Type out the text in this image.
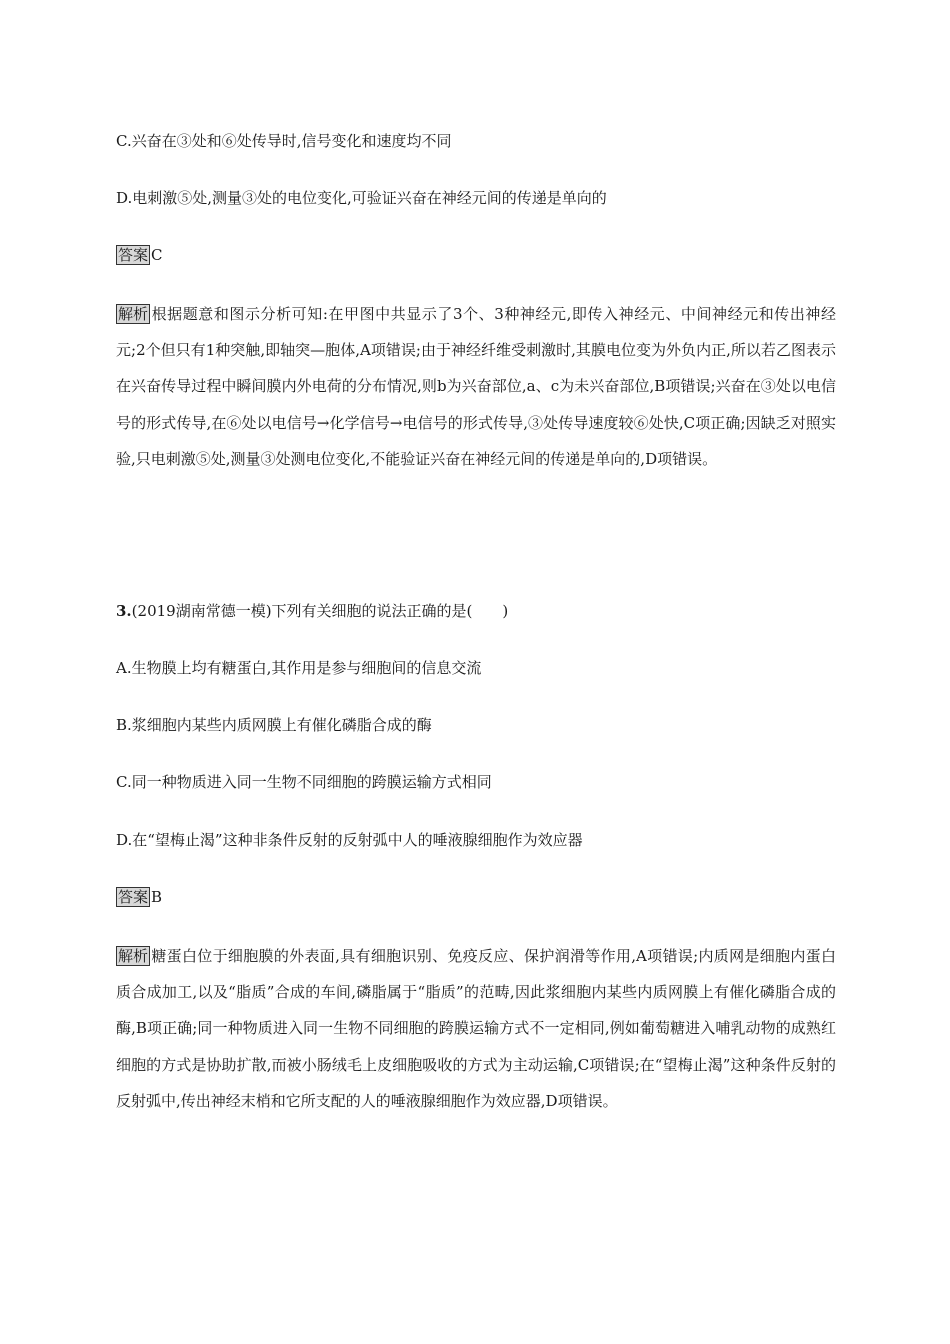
C.兴奋在③处和⑥处传导时,信号变化和速度均不同
D.电刺激⑤处,测量③处的电位变化,可验证兴奋在神经元间的传递是单向的
答案 C
解析 根据题意和图示分析可知:在甲图中共显示了3个、3种神经元,即传入神经元、中间神经元和传出神经元;2个但只有1种突触,即轴突—胞体,A项错误;由于神经纤维受刺激时,其膜电位变为外负内正,所以若乙图表示在兴奋传导过程中瞬间膜内外电荷的分布情况,则b为兴奋部位,a、c为未兴奋部位,B项错误;兴奋在③处以电信号的形式传导,在⑥处以电信号→化学信号→电信号的形式传导,③处传导速度较⑥处快,C项正确;因缺乏对照实验,只电刺激⑤处,测量③处测电位变化,不能验证兴奋在神经元间的传递是单向的,D项错误。
3.(2019湖南常德一模)下列有关细胞的说法正确的是(　　)
A.生物膜上均有糖蛋白,其作用是参与细胞间的信息交流
B.浆细胞内某些内质网膜上有催化磷脂合成的酶
C.同一种物质进入同一生物不同细胞的跨膜运输方式相同
D.在“望梅止渴”这种非条件反射的反射弧中人的唾液腺细胞作为效应器
答案 B
解析 糖蛋白位于细胞膜的外表面,具有细胞识别、免疫反应、保护润滑等作用,A项错误;内质网是细胞内蛋白质合成加工,以及“脂质”合成的车间,磷脂属于“脂质”的范畴,因此浆细胞内某些内质网膜上有催化磷脂合成的酶,B项正确;同一种物质进入同一生物不同细胞的跨膜运输方式不一定相同,例如葡萄糖进入哺乳动物的成熟红细胞的方式是协助扩散,而被小肠绒毛上皮细胞吸收的方式为主动运输,C项错误;在“望梅止渴”这种条件反射的反射弧中,传出神经末梢和它所支配的人的唾液腺细胞作为效应器,D项错误。
